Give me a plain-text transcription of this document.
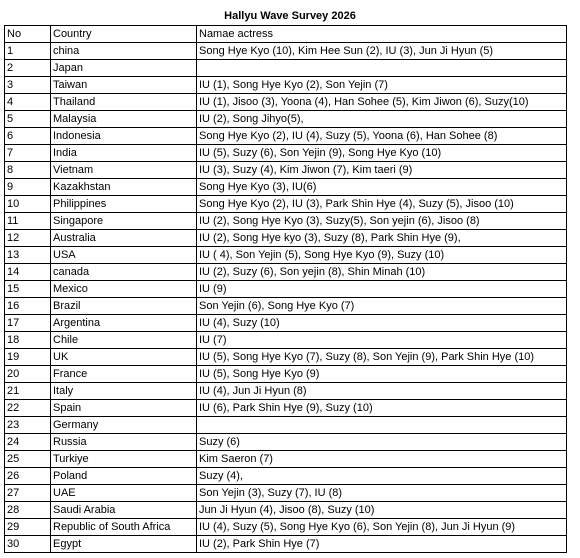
Hallyu Wave Survey 2026
No	Country	Namae actress
1	china	Song Hye Kyo (10), Kim Hee Sun (2), IU (3), Jun Ji Hyun (5)
2	Japan	
3	Taiwan	IU (1), Song Hye Kyo (2), Son Yejin (7)
4	Thailand	IU (1), Jisoo (3), Yoona (4), Han Sohee (5), Kim Jiwon (6), Suzy(10)
5	Malaysia	IU (2), Song Jihyo(5),
6	Indonesia	Song Hye Kyo (2), IU (4), Suzy (5), Yoona (6), Han Sohee (8)
7	India	IU (5), Suzy (6), Son Yejin (9), Song Hye Kyo (10)
8	Vietnam	IU (3), Suzy (4), Kim Jiwon (7), Kim taeri (9)
9	Kazakhstan	Song Hye Kyo (3), IU(6)
10	Philippines	Song Hye Kyo (2), IU (3), Park Shin Hye (4), Suzy (5), Jisoo (10)
11	Singapore	IU (2), Song Hye Kyo (3), Suzy(5), Son yejin (6), Jisoo (8)
12	Australia	IU (2), Song Hye kyo (3), Suzy (8), Park Shin Hye (9),
13	USA	IU ( 4), Son Yejin (5), Song Hye Kyo (9), Suzy (10)
14	canada	IU (2), Suzy (6), Son yejin (8), Shin Minah (10)
15	Mexico	IU (9)
16	Brazil	Son Yejin (6), Song Hye Kyo (7)
17	Argentina	IU (4), Suzy (10)
18	Chile	IU (7)
19	UK	IU (5), Song Hye Kyo (7), Suzy (8), Son Yejin (9), Park Shin Hye (10)
20	France	IU (5), Song Hye Kyo (9)
21	Italy	IU (4), Jun Ji Hyun (8)
22	Spain	IU (6), Park Shin Hye (9), Suzy (10)
23	Germany	
24	Russia	Suzy (6)
25	Turkiye	Kim Saeron (7)
26	Poland	Suzy (4),
27	UAE	Son Yejin (3), Suzy (7), IU (8)
28	Saudi Arabia	Jun Ji Hyun (4), Jisoo (8), Suzy (10)
29	Republic of South Africa	IU (4), Suzy (5), Song Hye Kyo (6), Son Yejin (8), Jun Ji Hyun (9)
30	Egypt	IU (2), Park Shin Hye (7)
